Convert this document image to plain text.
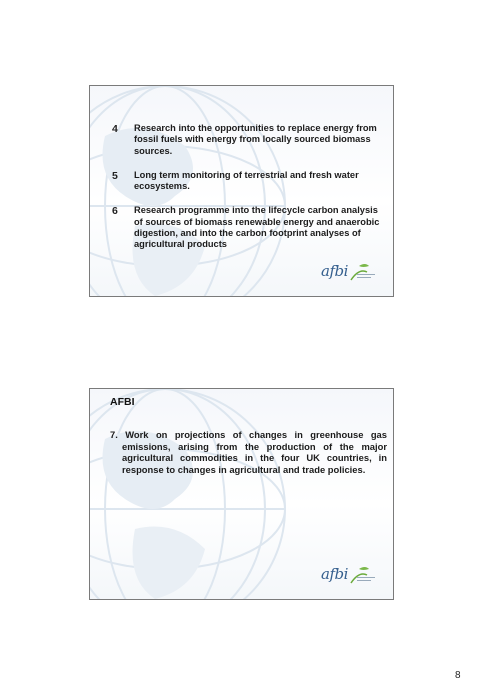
4	Research into the opportunities to replace energy from fossil fuels with energy from locally sourced biomass sources.
5	Long term monitoring of terrestrial and fresh water ecosystems.
6	Research programme into the lifecycle carbon analysis of sources of biomass renewable energy and anaerobic digestion, and into the carbon footprint analyses of agricultural products
afbi
AFBI
7. Work on projections of changes in greenhouse gas emissions, arising from the production of the major agricultural commodities in the four UK countries, in response to changes in agricultural and trade policies.
afbi
8
